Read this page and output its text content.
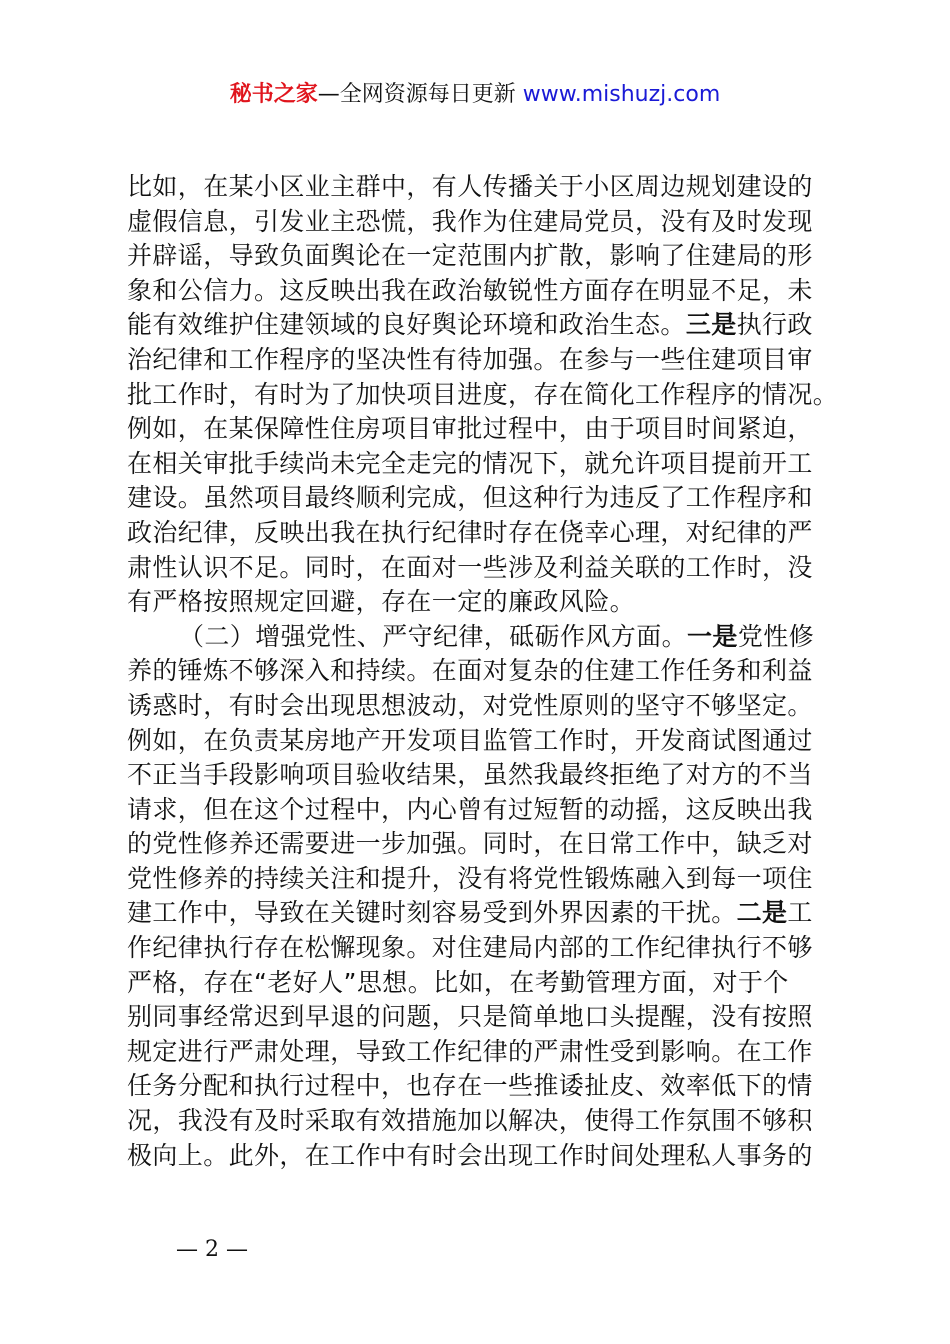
秘书之家—全网资源每日更新 www.mishuzj.com
比如，在某小区业主群中，有人传播关于小区周边规划建设的
虚假信息，引发业主恐慌，我作为住建局党员，没有及时发现
并辟谣，导致负面舆论在一定范围内扩散，影响了住建局的形
象和公信力。这反映出我在政治敏锐性方面存在明显不足，未
能有效维护住建领域的良好舆论环境和政治生态。三是执行政
治纪律和工作程序的坚决性有待加强。在参与一些住建项目审
批工作时，有时为了加快项目进度，存在简化工作程序的情况。
例如，在某保障性住房项目审批过程中，由于项目时间紧迫，
在相关审批手续尚未完全走完的情况下，就允许项目提前开工
建设。虽然项目最终顺利完成，但这种行为违反了工作程序和
政治纪律，反映出我在执行纪律时存在侥幸心理，对纪律的严
肃性认识不足。同时，在面对一些涉及利益关联的工作时，没
有严格按照规定回避，存在一定的廉政风险。
（二）增强党性、严守纪律，砥砺作风方面。一是党性修
养的锤炼不够深入和持续。在面对复杂的住建工作任务和利益
诱惑时，有时会出现思想波动，对党性原则的坚守不够坚定。
例如，在负责某房地产开发项目监管工作时，开发商试图通过
不正当手段影响项目验收结果，虽然我最终拒绝了对方的不当
请求，但在这个过程中，内心曾有过短暂的动摇，这反映出我
的党性修养还需要进一步加强。同时，在日常工作中，缺乏对
党性修养的持续关注和提升，没有将党性锻炼融入到每一项住
建工作中，导致在关键时刻容易受到外界因素的干扰。二是工
作纪律执行存在松懈现象。对住建局内部的工作纪律执行不够
严格，存在“老好人”思想。比如，在考勤管理方面，对于个
别同事经常迟到早退的问题，只是简单地口头提醒，没有按照
规定进行严肃处理，导致工作纪律的严肃性受到影响。在工作
任务分配和执行过程中，也存在一些推诿扯皮、效率低下的情
况，我没有及时采取有效措施加以解决，使得工作氛围不够积
极向上。此外，在工作中有时会出现工作时间处理私人事务的
— 2 —
